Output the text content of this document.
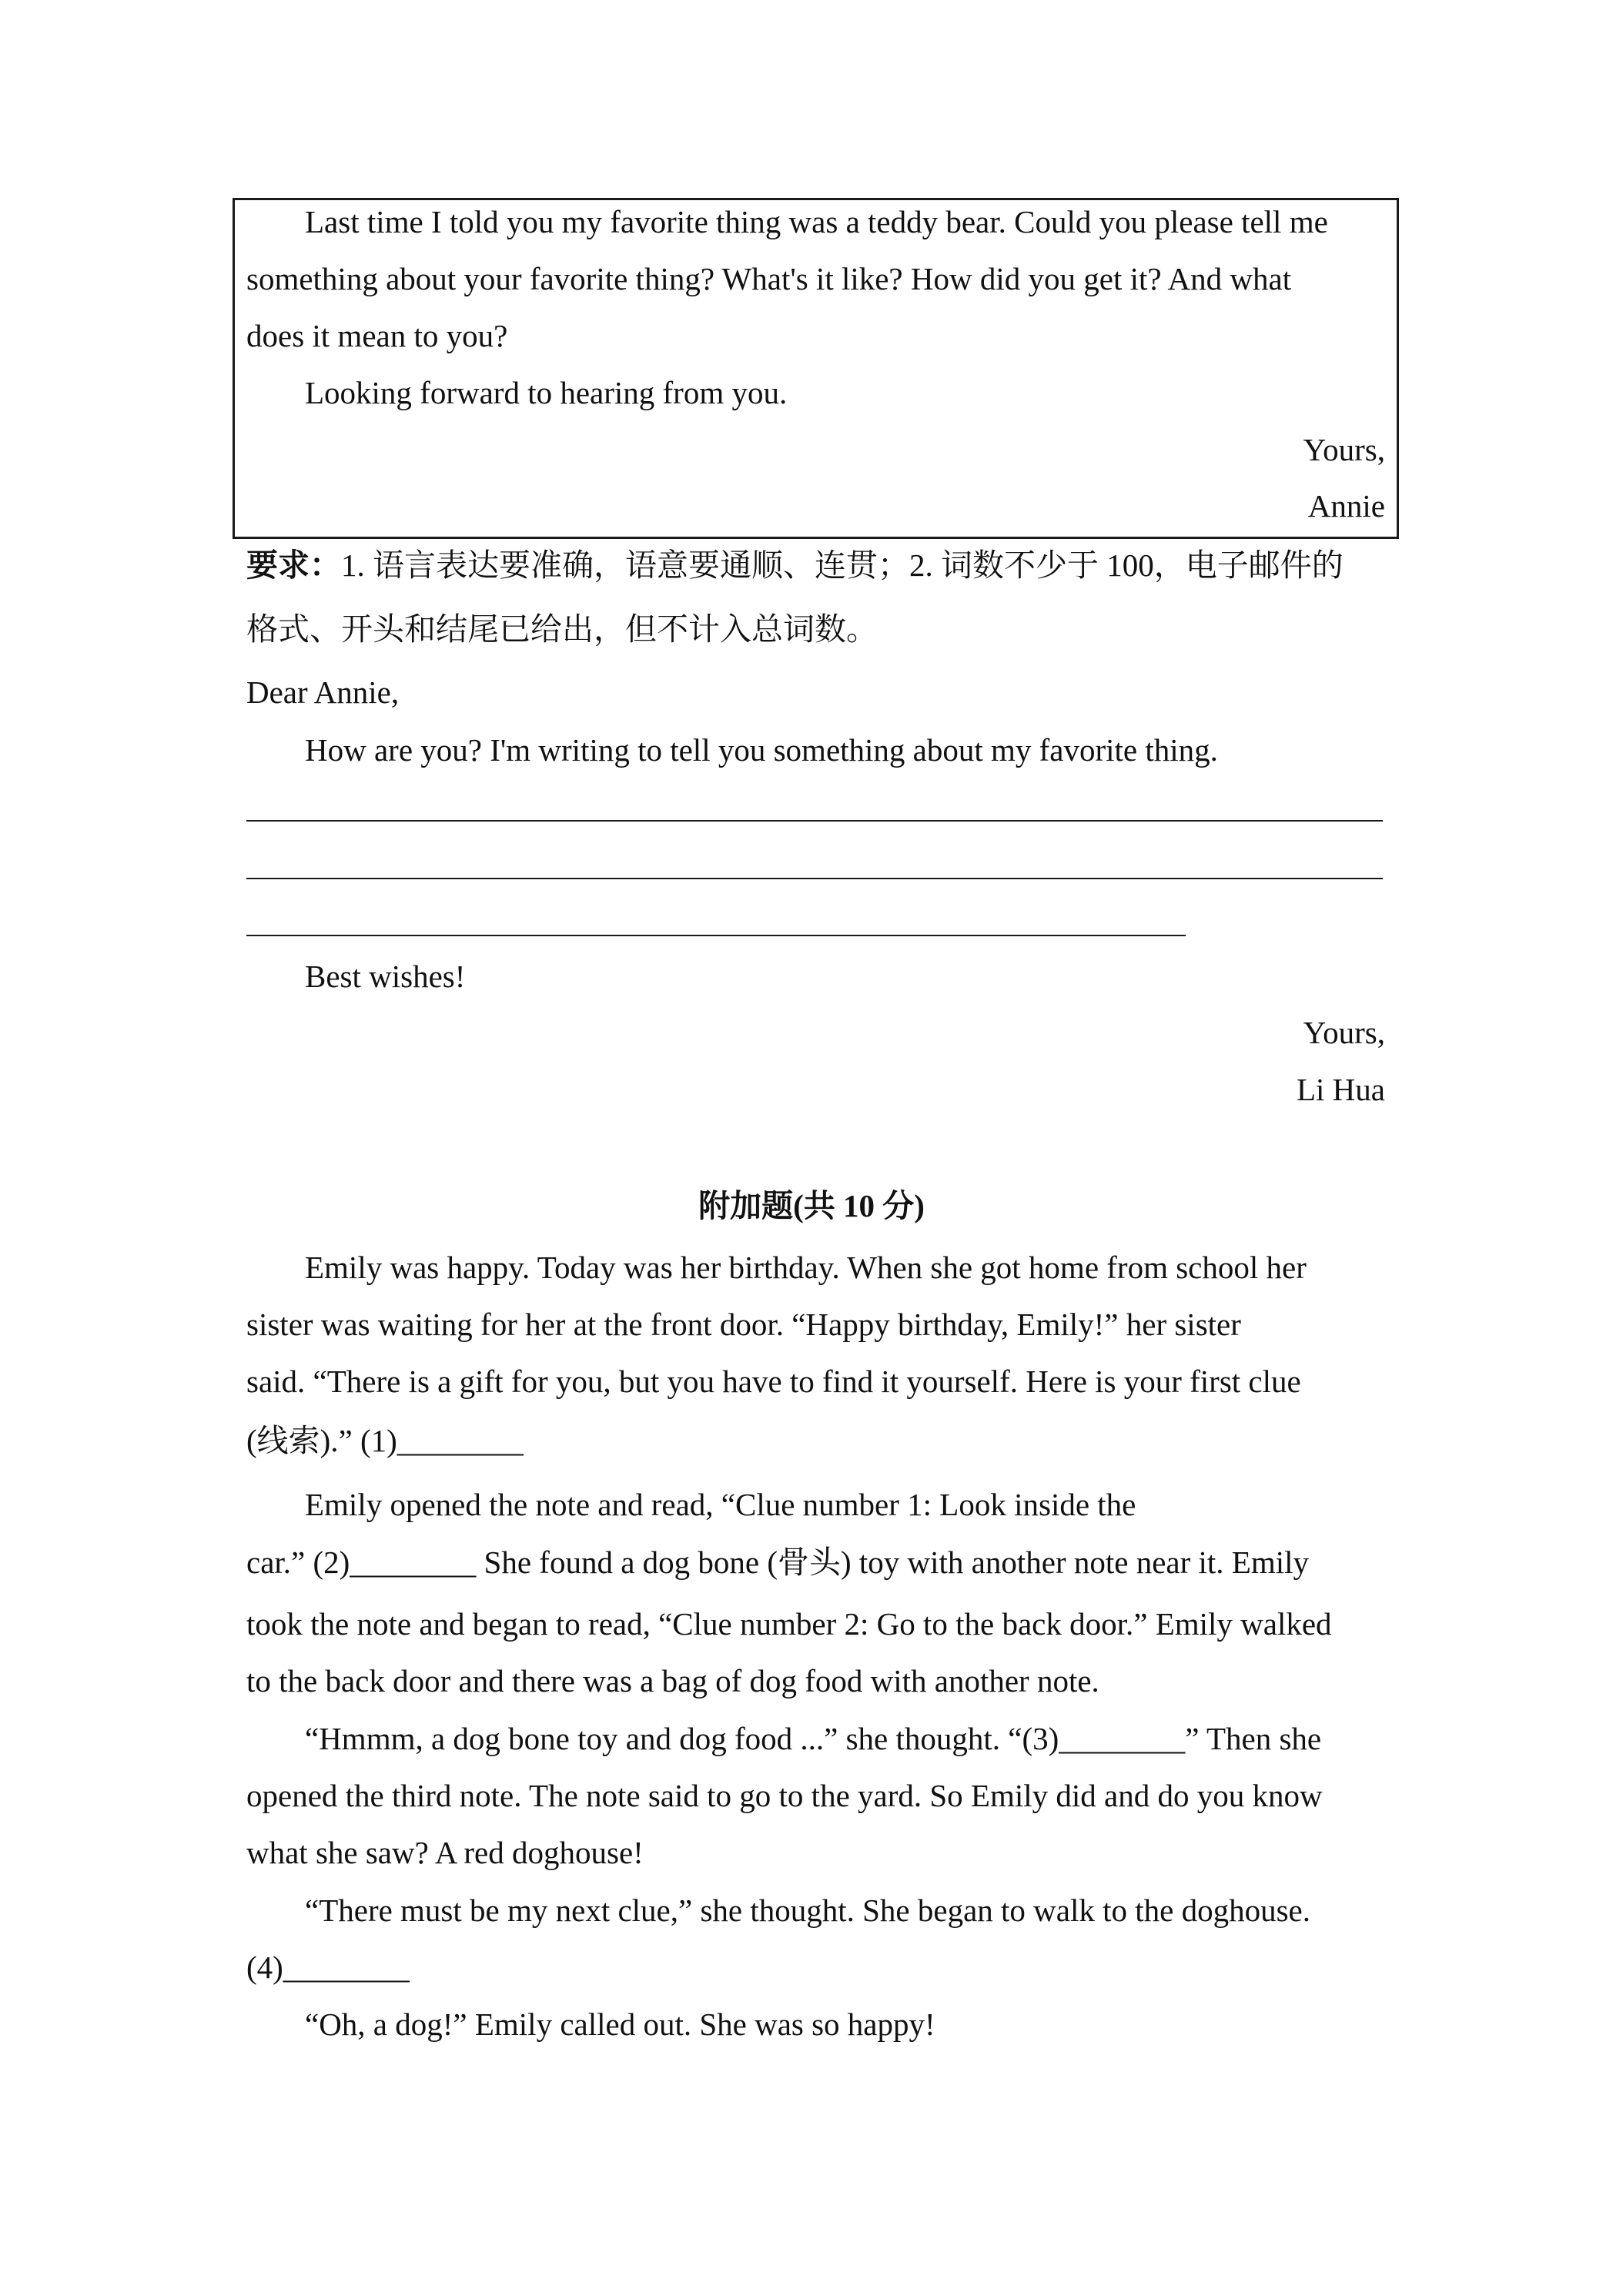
Last time I told you my favorite thing was a teddy bear. Could you please tell me
something about your favorite thing? What's it like? How did you get it? And what
does it mean to you?
Looking forward to hearing from you.
Yours,
Annie
要求：1. 语言表达要准确，语意要通顺、连贯；2. 词数不少于 100，电子邮件的
格式、开头和结尾已给出，但不计入总词数。
Dear Annie,
How are you? I'm writing to tell you something about my favorite thing.
Best wishes!
Yours,
Li Hua
附加题(共 10 分)
Emily was happy. Today was her birthday. When she got home from school her
sister was waiting for her at the front door. “Happy birthday, Emily!” her sister
said. “There is a gift for you, but you have to find it yourself. Here is your first clue
(线索).” (1)________
Emily opened the note and read, “Clue number 1: Look inside the
car.” (2)________ She found a dog bone (骨头) toy with another note near it. Emily
took the note and began to read, “Clue number 2: Go to the back door.” Emily walked
to the back door and there was a bag of dog food with another note.
“Hmmm, a dog bone toy and dog food ...” she thought. “(3)________” Then she
opened the third note. The note said to go to the yard. So Emily did and do you know
what she saw? A red doghouse!
“There must be my next clue,” she thought. She began to walk to the doghouse.
(4)________
“Oh, a dog!” Emily called out. She was so happy!
